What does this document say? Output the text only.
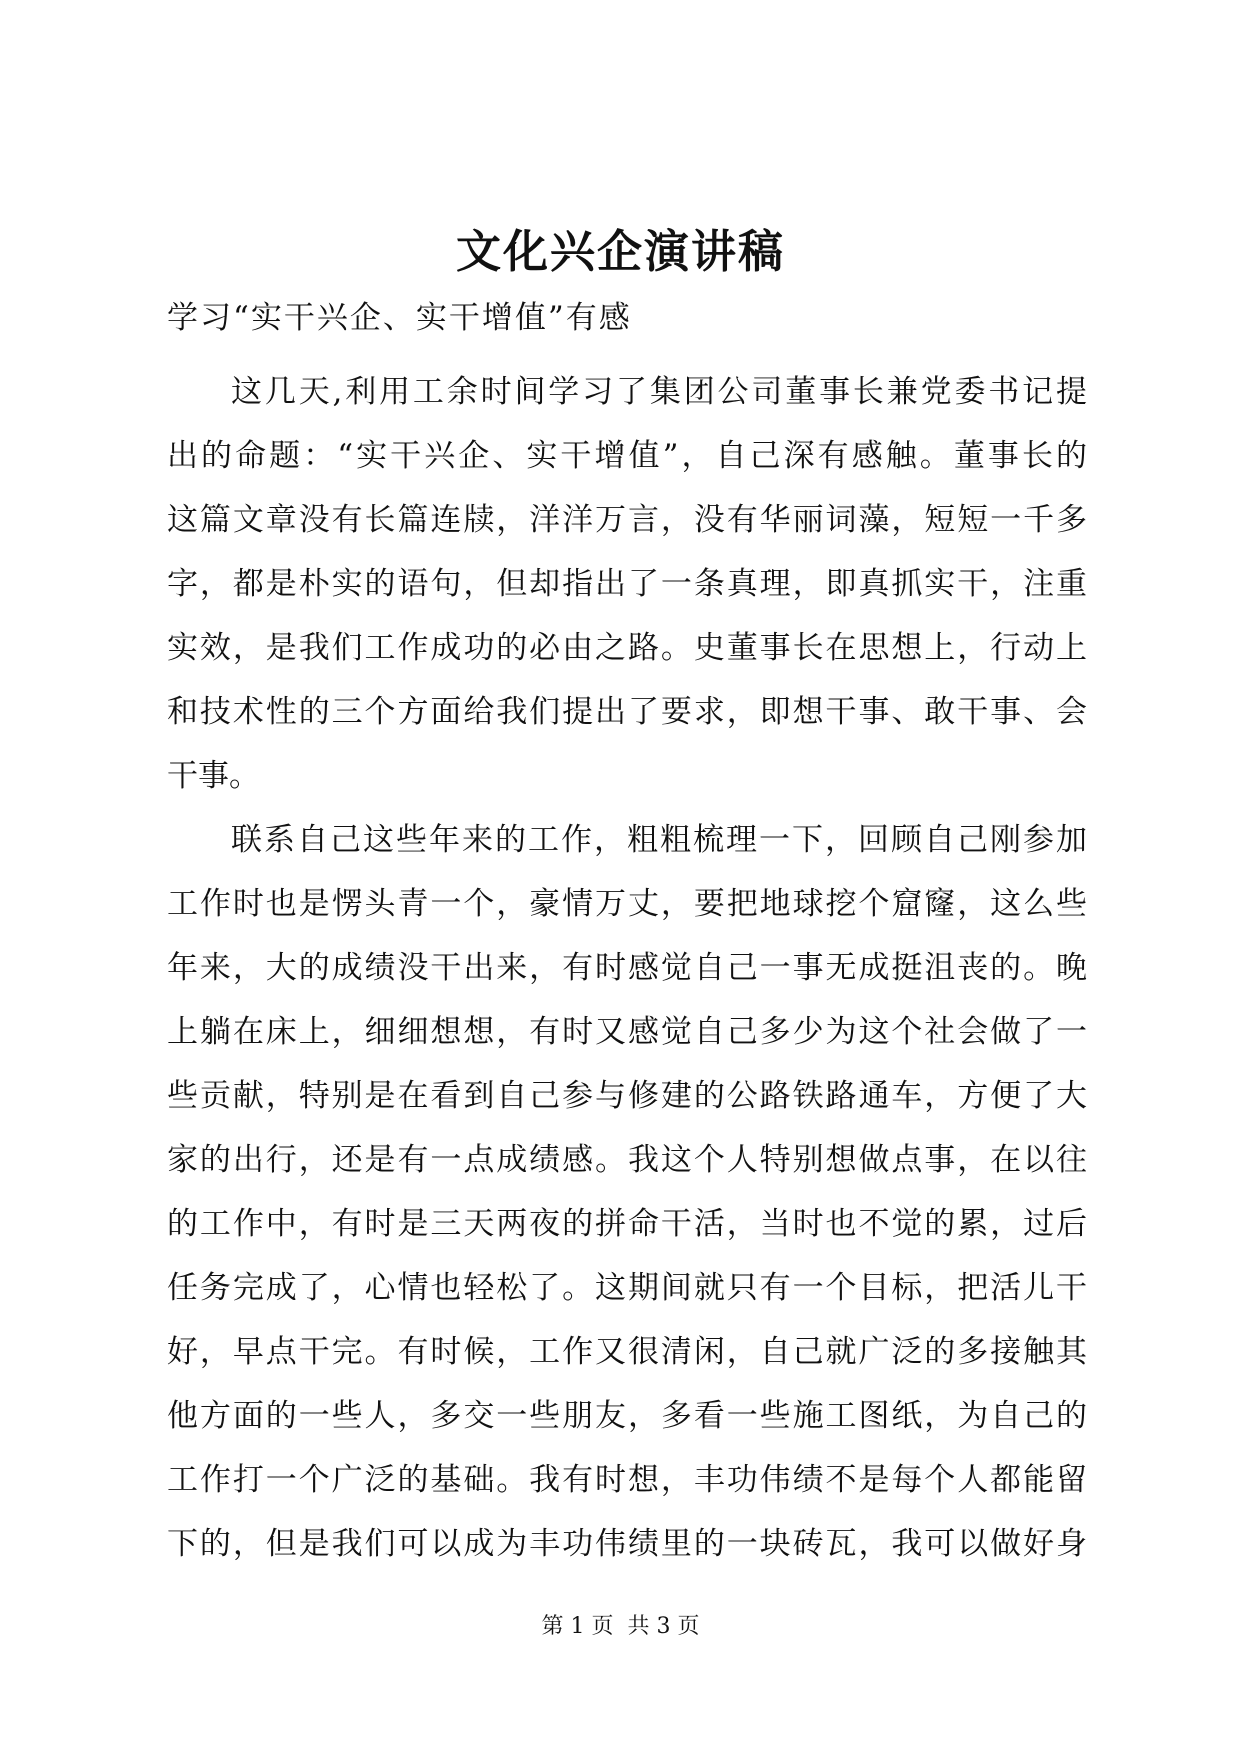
文化兴企演讲稿

学习“实干兴企、实干增值”有感

这几天,利用工余时间学习了集团公司董事长兼党委书记提
出的命题：“实干兴企、实干增值”，自己深有感触。董事长的
这篇文章没有长篇连牍，洋洋万言，没有华丽词藻，短短一千多
字，都是朴实的语句，但却指出了一条真理，即真抓实干，注重
实效，是我们工作成功的必由之路。史董事长在思想上，行动上
和技术性的三个方面给我们提出了要求，即想干事、敢干事、会
干事。
联系自己这些年来的工作，粗粗梳理一下，回顾自己刚参加
工作时也是愣头青一个，豪情万丈，要把地球挖个窟窿，这么些
年来，大的成绩没干出来，有时感觉自己一事无成挺沮丧的。晚
上躺在床上，细细想想，有时又感觉自己多少为这个社会做了一
些贡献，特别是在看到自己参与修建的公路铁路通车，方便了大
家的出行，还是有一点成绩感。我这个人特别想做点事，在以往
的工作中，有时是三天两夜的拼命干活，当时也不觉的累，过后
任务完成了，心情也轻松了。这期间就只有一个目标，把活儿干
好，早点干完。有时候，工作又很清闲，自己就广泛的多接触其
他方面的一些人，多交一些朋友，多看一些施工图纸，为自己的
工作打一个广泛的基础。我有时想，丰功伟绩不是每个人都能留
下的，但是我们可以成为丰功伟绩里的一块砖瓦，我可以做好身
第 1 页  共 3 页
